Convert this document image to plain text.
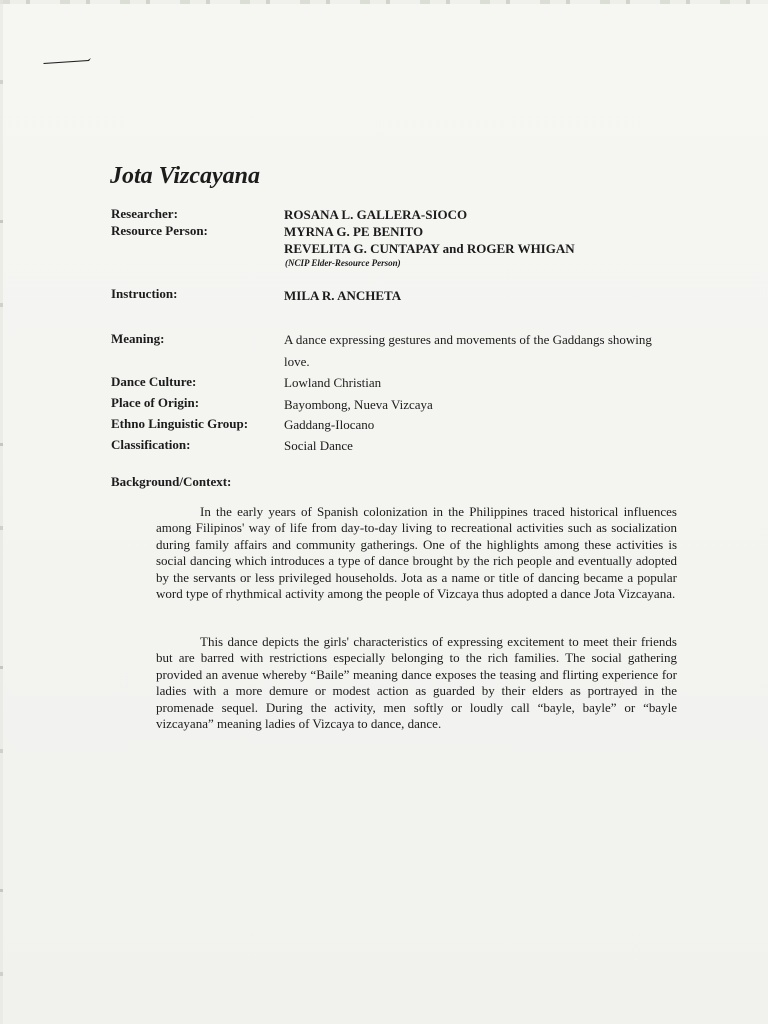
Jota Vizcayana
Researcher:	ROSANA L. GALLERA-SIOCO
Resource Person:	MYRNA G. PE BENITO
REVELITA G. CUNTAPAY and ROGER WHIGAN
(NCIP Elder-Resource Person)
Instruction:	MILA R. ANCHETA
Meaning:	A dance expressing gestures and movements of the Gaddangs showing love.
Dance Culture:	Lowland Christian
Place of Origin:	Bayombong, Nueva Vizcaya
Ethno Linguistic Group:	Gaddang-Ilocano
Classification:	Social Dance
Background/Context:

In the early years of Spanish colonization in the Philippines traced historical influences among Filipinos' way of life from day-to-day living to recreational activities such as socialization during family affairs and community gatherings. One of the highlights among these activities is social dancing which introduces a type of dance brought by the rich people and eventually adopted by the servants or less privileged households. Jota as a name or title of dancing became a popular word type of rhythmical activity among the people of Vizcaya thus adopted a dance Jota Vizcayana.

This dance depicts the girls' characteristics of expressing excitement to meet their friends but are barred with restrictions especially belonging to the rich families. The social gathering provided an avenue whereby “Baile” meaning dance exposes the teasing and flirting experience for ladies with a more demure or modest action as guarded by their elders as portrayed in the promenade sequel. During the activity, men softly or loudly call “bayle, bayle” or “bayle vizcayana” meaning ladies of Vizcaya to dance, dance.
